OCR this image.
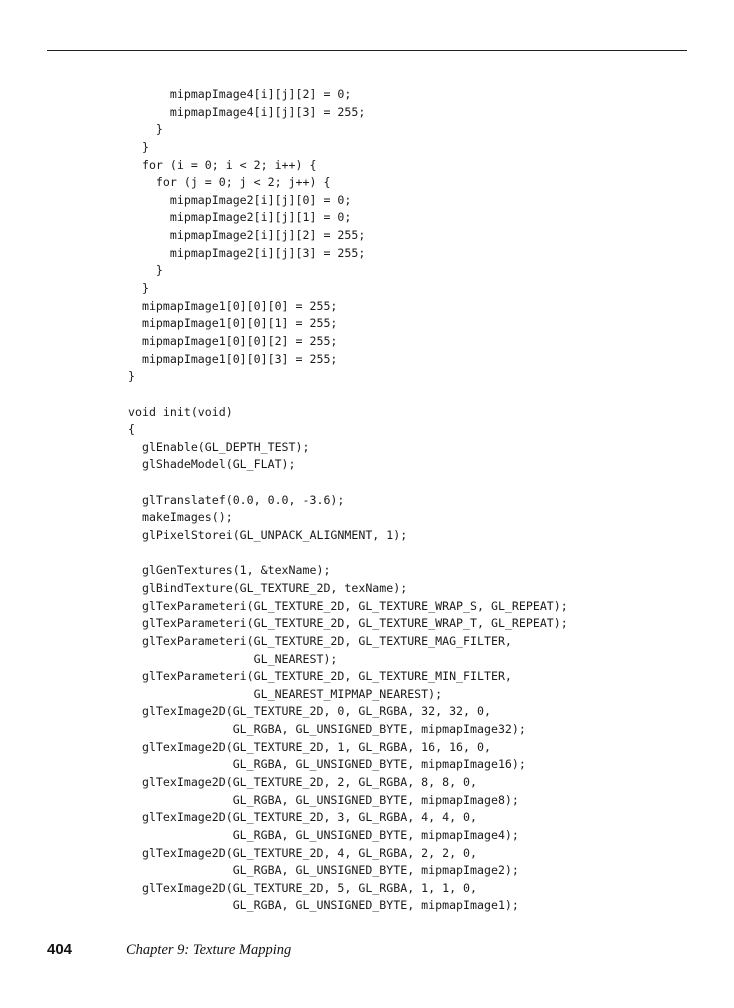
mipmapImage4[i][j][2] = 0;
mipmapImage4[i][j][3] = 255;
}
}
for (i = 0; i < 2; i++) {
for (j = 0; j < 2; j++) {
mipmapImage2[i][j][0] = 0;
mipmapImage2[i][j][1] = 0;
mipmapImage2[i][j][2] = 255;
mipmapImage2[i][j][3] = 255;
}
}
mipmapImage1[0][0][0] = 255;
mipmapImage1[0][0][1] = 255;
mipmapImage1[0][0][2] = 255;
mipmapImage1[0][0][3] = 255;
}
void init(void)
{
glEnable(GL_DEPTH_TEST);
glShadeModel(GL_FLAT);
glTranslatef(0.0, 0.0, -3.6);
makeImages();
glPixelStorei(GL_UNPACK_ALIGNMENT, 1);
glGenTextures(1, &texName);
glBindTexture(GL_TEXTURE_2D, texName);
glTexParameteri(GL_TEXTURE_2D, GL_TEXTURE_WRAP_S, GL_REPEAT);
glTexParameteri(GL_TEXTURE_2D, GL_TEXTURE_WRAP_T, GL_REPEAT);
glTexParameteri(GL_TEXTURE_2D, GL_TEXTURE_MAG_FILTER,
GL_NEAREST);
glTexParameteri(GL_TEXTURE_2D, GL_TEXTURE_MIN_FILTER,
GL_NEAREST_MIPMAP_NEAREST);
glTexImage2D(GL_TEXTURE_2D, 0, GL_RGBA, 32, 32, 0,
GL_RGBA, GL_UNSIGNED_BYTE, mipmapImage32);
glTexImage2D(GL_TEXTURE_2D, 1, GL_RGBA, 16, 16, 0,
GL_RGBA, GL_UNSIGNED_BYTE, mipmapImage16);
glTexImage2D(GL_TEXTURE_2D, 2, GL_RGBA, 8, 8, 0,
GL_RGBA, GL_UNSIGNED_BYTE, mipmapImage8);
glTexImage2D(GL_TEXTURE_2D, 3, GL_RGBA, 4, 4, 0,
GL_RGBA, GL_UNSIGNED_BYTE, mipmapImage4);
glTexImage2D(GL_TEXTURE_2D, 4, GL_RGBA, 2, 2, 0,
GL_RGBA, GL_UNSIGNED_BYTE, mipmapImage2);
glTexImage2D(GL_TEXTURE_2D, 5, GL_RGBA, 1, 1, 0,
GL_RGBA, GL_UNSIGNED_BYTE, mipmapImage1);
404	Chapter 9: Texture Mapping
